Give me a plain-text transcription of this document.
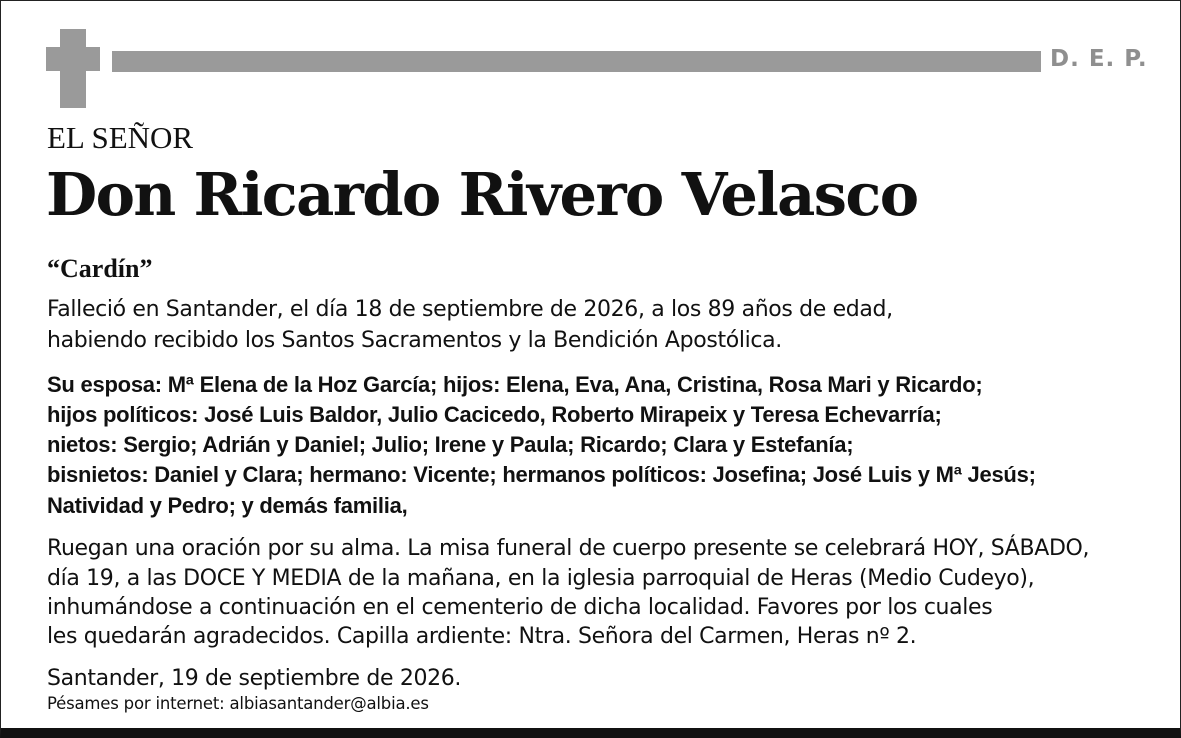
D. E. P.
EL SEÑOR
Don Ricardo Rivero Velasco
“Cardín”
Falleció en Santander, el día 18 de septiembre de 2026, a los 89 años de edad,
habiendo recibido los Santos Sacramentos y la Bendición Apostólica.
Su esposa: Mª Elena de la Hoz García; hijos: Elena, Eva, Ana, Cristina, Rosa Mari y Ricardo;
hijos políticos: José Luis Baldor, Julio Cacicedo, Roberto Mirapeix y Teresa Echevarría;
nietos: Sergio; Adrián y Daniel; Julio; Irene y Paula; Ricardo; Clara y Estefanía;
bisnietos: Daniel y Clara; hermano: Vicente; hermanos políticos: Josefina; José Luis y Mª Jesús;
Natividad y Pedro; y demás familia,
Ruegan una oración por su alma. La misa funeral de cuerpo presente se celebrará HOY, SÁBADO,
día 19, a las DOCE Y MEDIA de la mañana, en la iglesia parroquial de Heras (Medio Cudeyo),
inhumándose a continuación en el cementerio de dicha localidad. Favores por los cuales
les quedarán agradecidos. Capilla ardiente: Ntra. Señora del Carmen, Heras nº 2.
Santander, 19 de septiembre de 2026.
Pésames por internet: albiasantander@albia.es
